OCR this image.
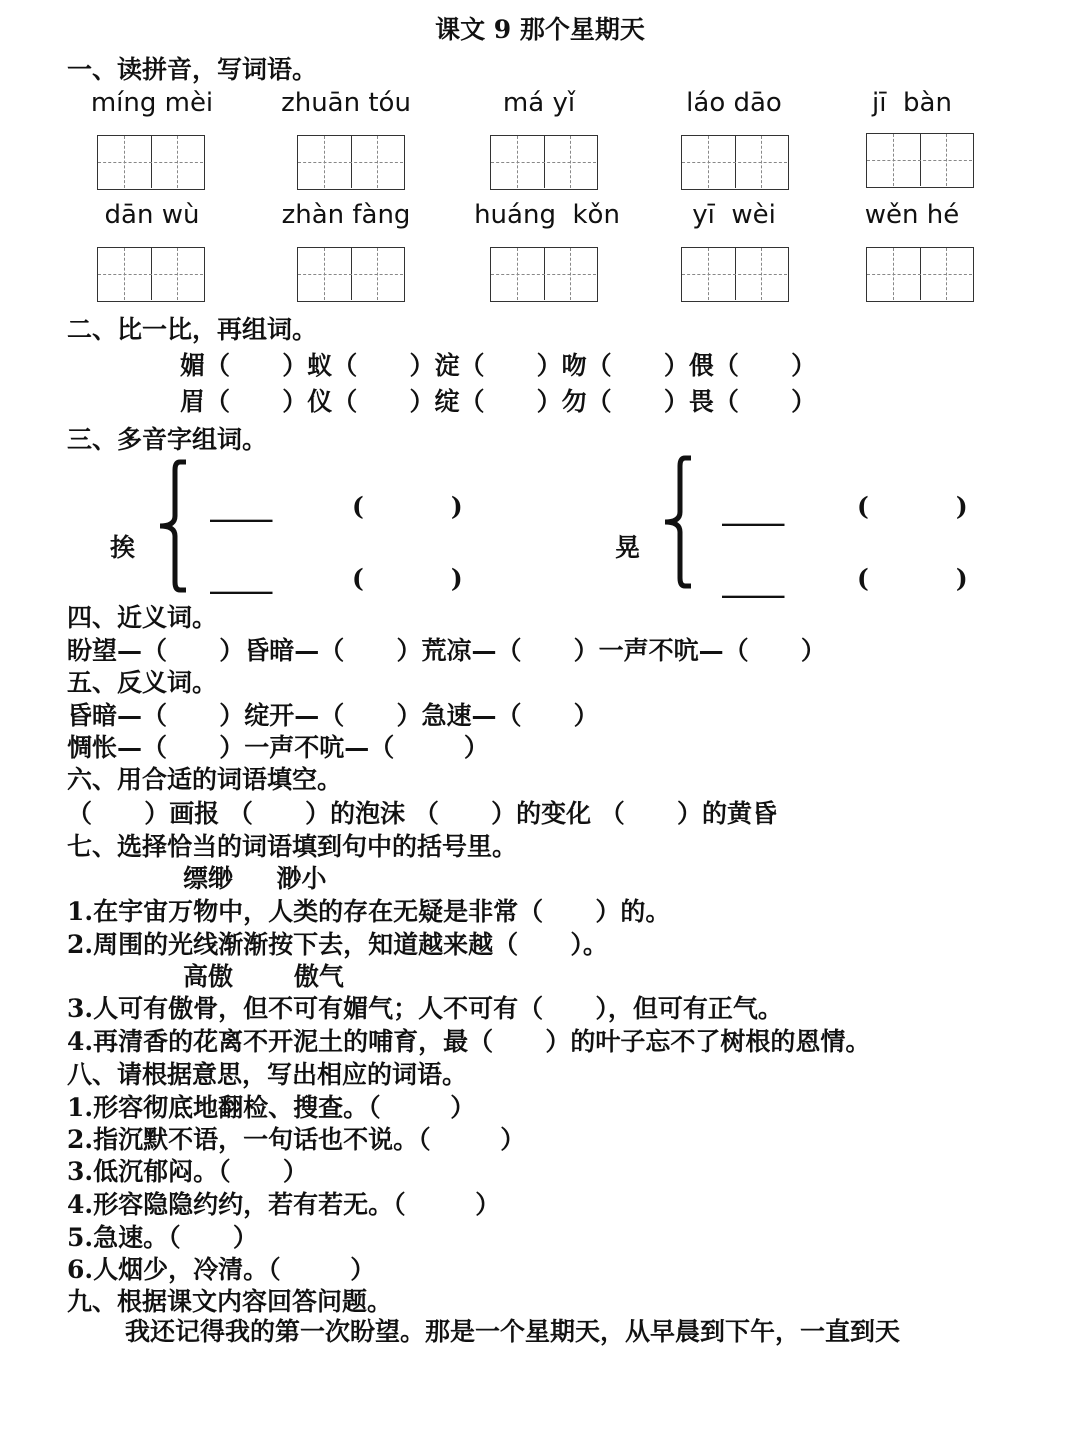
课文 9 那个星期天
一、读拼音，写词语。
míng mèi	zhuān tóu	má yǐ	láo dāo	jī  bàn
dān wù	zhàn fàng	huáng  kǒn	yī  wèi	wěn hé
二、比一比，再组词。
媚（      ）蚁（      ）淀（      ）吻（      ）偎（      ）
眉（      ）仪（      ）绽（      ）勿（      ）畏（      ）
三、多音字组词。
挨
_____	(          )
_____	(          )
晃
_____	(          )
_____	(          )
四、近义词。
盼望—（      ）昏暗—（      ）荒凉—（      ）一声不吭—（      ）
五、反义词。
昏暗—（      ）绽开—（      ）急速—（      ）
惆怅—（      ）一声不吭—（        ）
六、用合适的词语填空。
（      ）画报 （      ）的泡沫 （      ）的变化 （      ）的黄昏
七、选择恰当的词语填到句中的括号里。
缥缈     渺小
1.在宇宙万物中，人类的存在无疑是非常（      ）的。
2.周围的光线渐渐按下去，知道越来越（      ）。
高傲       傲气
3.人可有傲骨，但不可有媚气；人不可有（      ），但可有正气。
4.再清香的花离不开泥土的哺育，最（      ）的叶子忘不了树根的恩情。
八、请根据意思，写出相应的词语。
1.形容彻底地翻检、搜查。（        ）
2.指沉默不语，一句话也不说。（        ）
3.低沉郁闷。（      ）
4.形容隐隐约约，若有若无。（        ）
5.急速。（      ）
6.人烟少，冷清。（        ）
九、根据课文内容回答问题。
我还记得我的第一次盼望。那是一个星期天，从早晨到下午，一直到天
